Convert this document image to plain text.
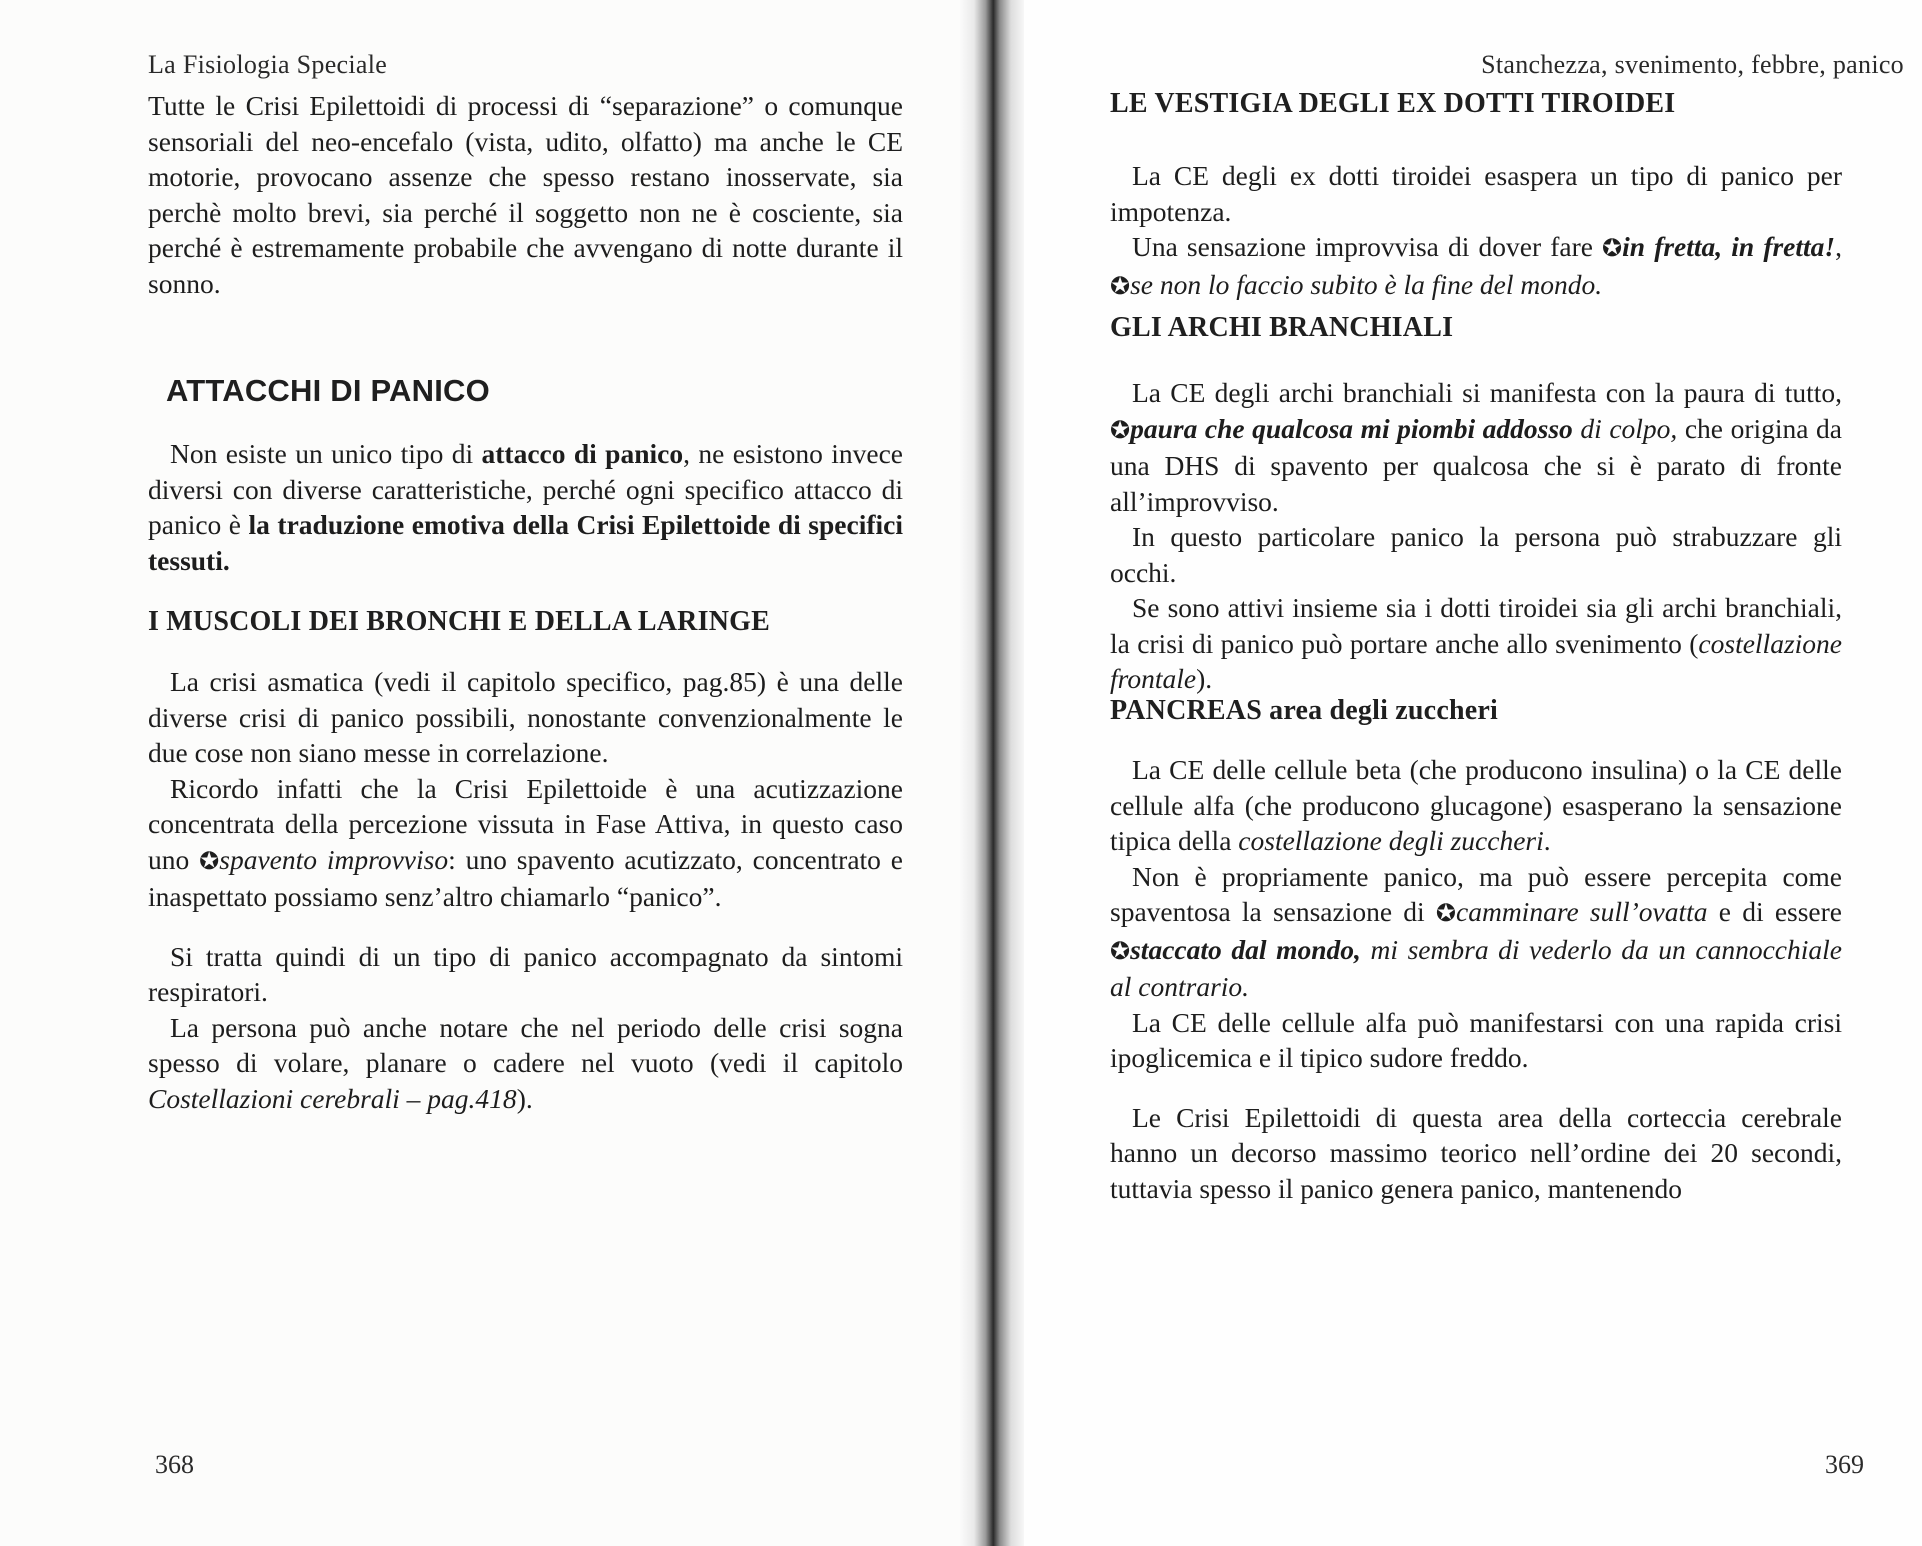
La Fisiologia Speciale

Tutte le Crisi Epilettoidi di processi di “separazione” o comunque sensoriali del neo-encefalo (vista, udito, olfatto) ma anche le CE motorie, provocano assenze che spesso restano inosservate, sia perchè molto brevi, sia perché il soggetto non ne è cosciente, sia perché è estremamente probabile che avvengano di notte durante il sonno.

ATTACCHI DI PANICO

Non esiste un unico tipo di attacco di panico, ne esistono invece diversi con diverse caratteristiche, perché ogni specifico attacco di panico è la traduzione emotiva della Crisi Epilettoide di specifici tessuti.

I MUSCOLI DEI BRONCHI E DELLA LARINGE

La crisi asmatica (vedi il capitolo specifico, pag.85) è una delle diverse crisi di panico possibili, nonostante convenzionalmente le due cose non siano messe in correlazione.

Ricordo infatti che la Crisi Epilettoide è una acutizzazione concentrata della percezione vissuta in Fase Attiva, in questo caso uno ✪spavento improvviso: uno spavento acutizzato, concentrato e inaspettato possiamo senz’altro chiamarlo “panico”.

Si tratta quindi di un tipo di panico accompagnato da sintomi respiratori.

La persona può anche notare che nel periodo delle crisi sogna spesso di volare, planare o cadere nel vuoto (vedi il capitolo Costellazioni cerebrali – pag.418).

368
Stanchezza, svenimento, febbre, panico
LE VESTIGIA DEGLI EX DOTTI TIROIDEI

La CE degli ex dotti tiroidei esaspera un tipo di panico per impotenza.

Una sensazione improvvisa di dover fare ✪in fretta, in fretta!, ✪se non lo faccio subito è la fine del mondo.

GLI ARCHI BRANCHIALI

La CE degli archi branchiali si manifesta con la paura di tutto, ✪paura che qualcosa mi piombi addosso di colpo, che origina da una DHS di spavento per qualcosa che si è parato di fronte all’improvviso.

In questo particolare panico la persona può strabuzzare gli occhi.

Se sono attivi insieme sia i dotti tiroidei sia gli archi branchiali, la crisi di panico può portare anche allo svenimento (costellazione frontale).

PANCREAS area degli zuccheri

La CE delle cellule beta (che producono insulina) o la CE delle cellule alfa (che producono glucagone) esasperano la sensazione tipica della costellazione degli zuccheri.

Non è propriamente panico, ma può essere percepita come spaventosa la sensazione di ✪camminare sull’ovatta e di essere ✪staccato dal mondo, mi sembra di vederlo da un cannocchiale al contrario.

La CE delle cellule alfa può manifestarsi con una rapida crisi ipoglicemica e il tipico sudore freddo.

Le Crisi Epilettoidi di questa area della corteccia cerebrale hanno un decorso massimo teorico nell’ordine dei 20 secondi, tuttavia spesso il panico genera panico, mantenendo

369
